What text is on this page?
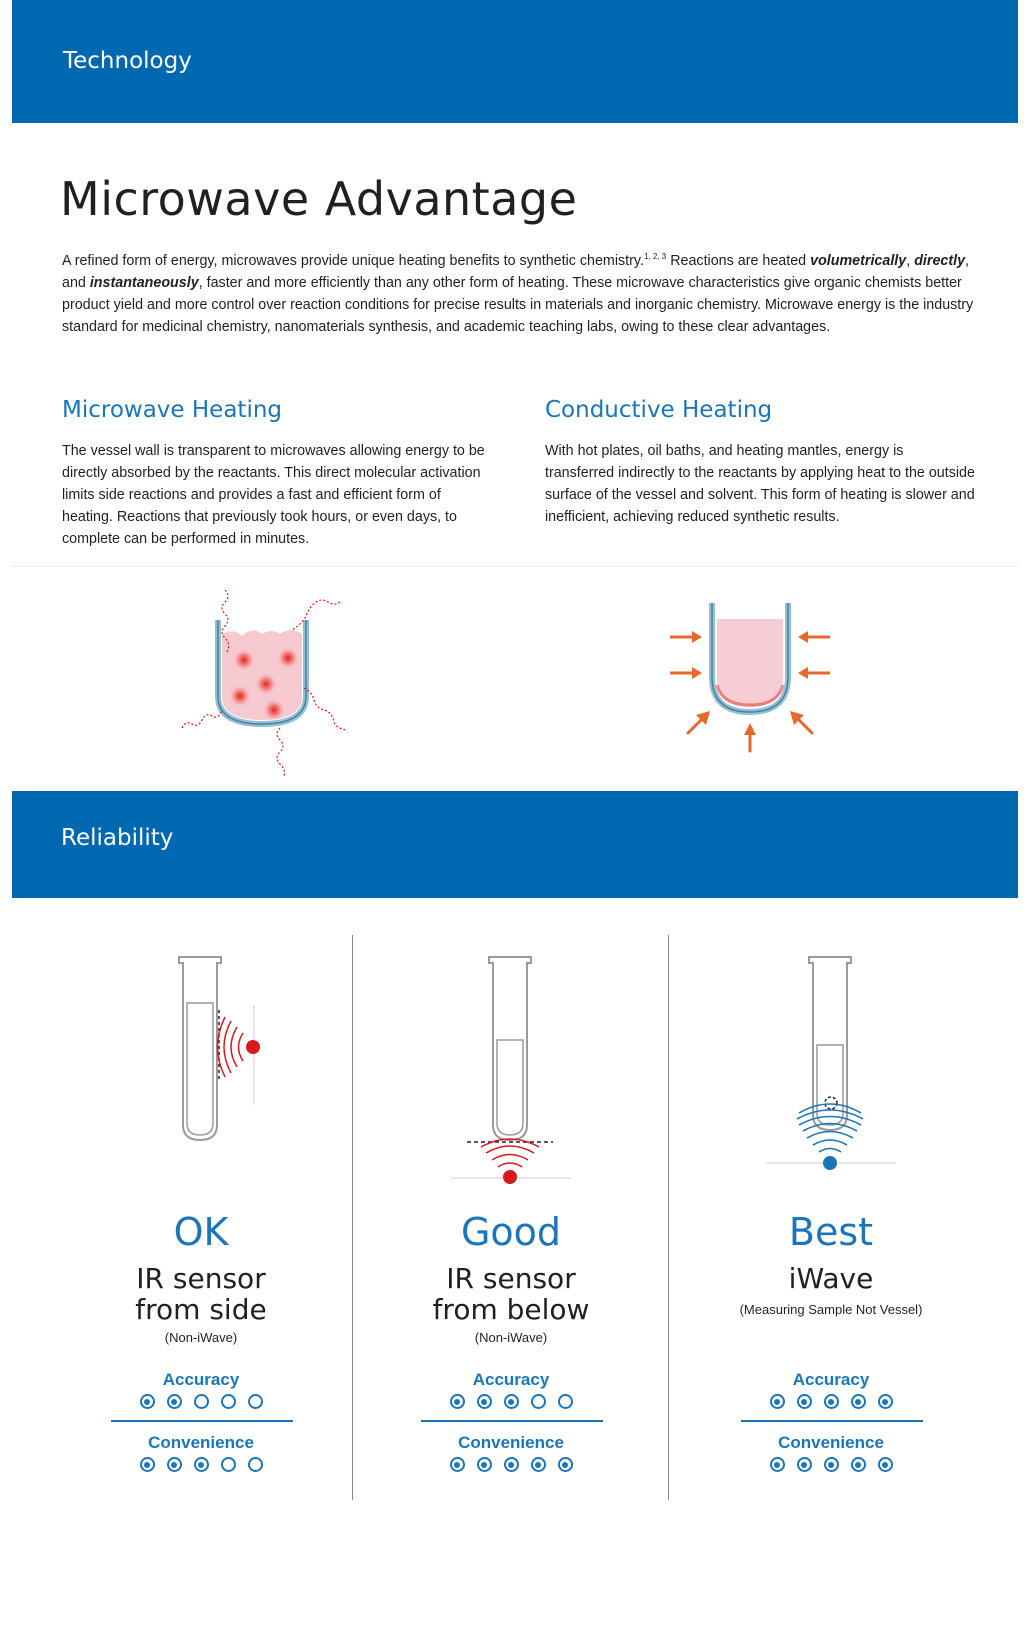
Technology
Microwave Advantage

A refined form of energy, microwaves provide unique heating benefits to synthetic chemistry.$^{1, 2, 3}$ Reactions are heated volumetrically, directly, and instantaneously, faster and more efficiently than any other form of heating. These microwave characteristics give organic chemists better product yield and more control over reaction conditions for precise results in materials and inorganic chemistry. Microwave energy is the industry standard for medicinal chemistry, nanomaterials synthesis, and academic teaching labs, owing to these clear advantages.

Microwave Heating

The vessel wall is transparent to microwaves allowing energy to be directly absorbed by the reactants. This direct molecular activation limits side reactions and provides a fast and efficient form of heating. Reactions that previously took hours, or even days, to complete can be performed in minutes.

Conductive Heating

With hot plates, oil baths, and heating mantles, energy is transferred indirectly to the reactants by applying heat to the outside surface of the vessel and solvent. This form of heating is slower and inefficient, achieving reduced synthetic results.

Reliability
OK
IR sensor
from side
(Non-iWave)
Accuracy
Convenience
Good
IR sensor
from below
(Non-iWave)
Accuracy
Convenience
Best
iWave
(Measuring Sample Not Vessel)
Accuracy
Convenience
